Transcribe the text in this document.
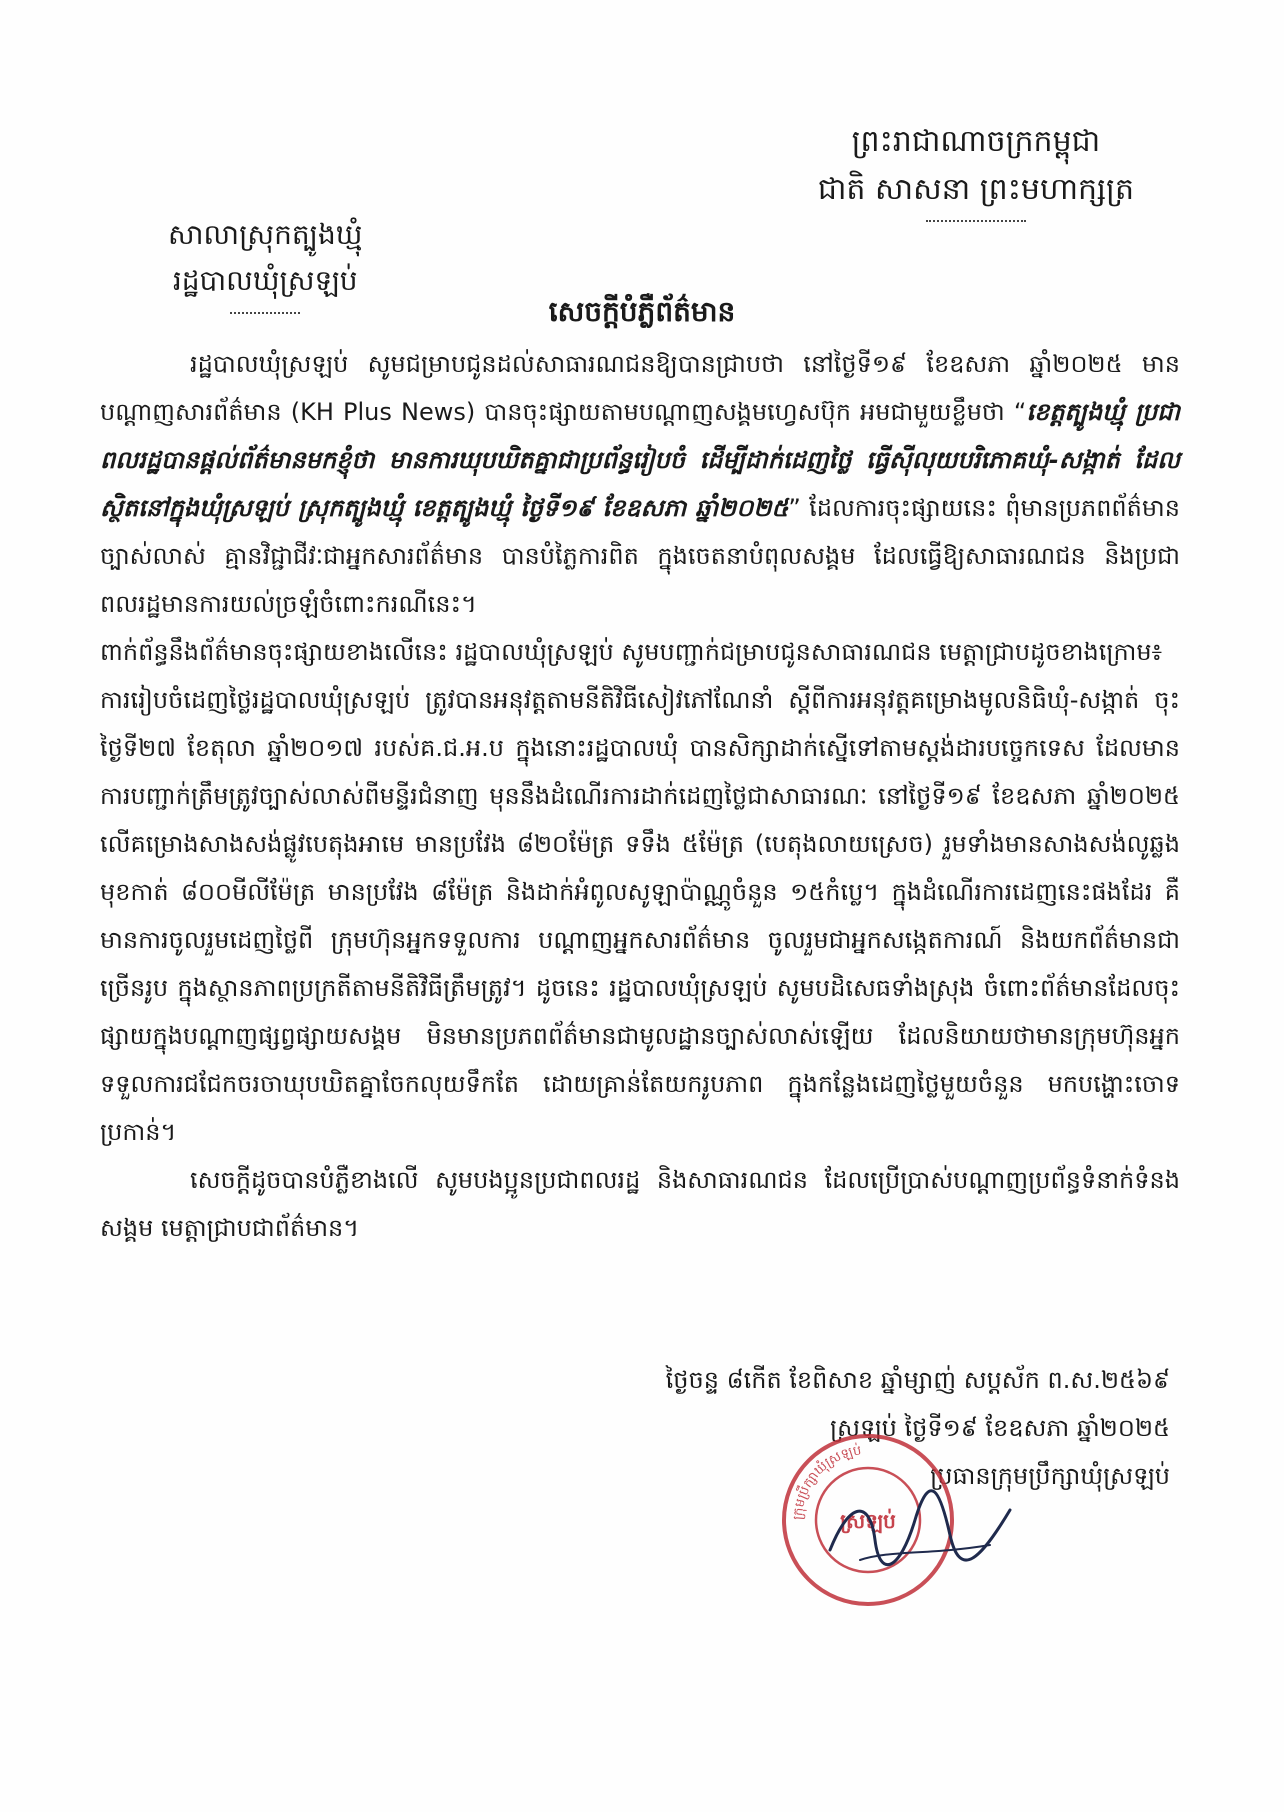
ព្រះរាជាណាចក្រកម្ពុជា
ជាតិ សាសនា ព្រះមហាក្សត្រ
សាលាស្រុកត្បូងឃ្មុំ
រដ្ឋបាលឃុំស្រឡប់
សេចក្តីបំភ្លឺព័ត៌មាន

រដ្ឋបាលឃុំស្រឡប់ សូមជម្រាបជូនដល់សាធារណជនឱ្យបានជ្រាបថា នៅថ្ងៃទី១៩ ខែឧសភា ឆ្នាំ២០២៥ មានបណ្តាញសារព័ត៌មាន (KH Plus News) បានចុះផ្សាយតាមបណ្តាញសង្គមហ្វេសប៊ុក អមជាមួយខ្លឹមថា “ខេត្តត្បូងឃ្មុំ ប្រជាពលរដ្ឋបានផ្តល់ព័ត៌មានមកខ្ញុំថា មានការឃុបឃិតគ្នាជាប្រព័ន្ធរៀបចំ ដើម្បីដាក់ដេញថ្លៃ ធ្វើស៊ីលុយបរិភោគឃុំ-សង្កាត់ ដែលស្ថិតនៅក្នុងឃុំស្រឡប់ ស្រុកត្បូងឃ្មុំ ខេត្តត្បូងឃ្មុំ ថ្ងៃទី១៩ ខែឧសភា ឆ្នាំ២០២៥” ដែលការចុះផ្សាយនេះ ពុំមានប្រភពព័ត៌មានច្បាស់លាស់ គ្មានវិជ្ជាជីវៈជាអ្នកសារព័ត៌មាន បានបំភ្លៃការពិត ក្នុងចេតនាបំពុលសង្គម ដែលធ្វើឱ្យសាធារណជន និងប្រជាពលរដ្ឋមានការយល់ច្រឡំចំពោះករណីនេះ។

ពាក់ព័ន្ធនឹងព័ត៌មានចុះផ្សាយខាងលើនេះ រដ្ឋបាលឃុំស្រឡប់ សូមបញ្ជាក់ជម្រាបជូនសាធារណជន មេត្តាជ្រាបដូចខាងក្រោម៖

ការរៀបចំដេញថ្លៃរដ្ឋបាលឃុំស្រឡប់ ត្រូវបានអនុវត្តតាមនីតិវិធីសៀវភៅណែនាំ ស្តីពីការអនុវត្តគម្រោងមូលនិធិឃុំ-សង្កាត់ ចុះថ្ងៃទី២៧ ខែតុលា ឆ្នាំ២០១៧ របស់គ.ជ.អ.ប ក្នុងនោះរដ្ឋបាលឃុំ បានសិក្សាដាក់ស្នើទៅតាមស្តង់ដារបច្ចេកទេស ដែលមានការបញ្ជាក់ត្រឹមត្រូវច្បាស់លាស់ពីមន្ទីរជំនាញ មុននឹងដំណើរការដាក់ដេញថ្លៃជាសាធារណៈ នៅថ្ងៃទី១៩ ខែឧសភា ឆ្នាំ២០២៥ លើគម្រោងសាងសង់ផ្លូវបេតុងអាមេ មានប្រវែង ៨២០ម៉ែត្រ ទទឹង ៥ម៉ែត្រ (បេតុងលាយស្រេច) រួមទាំងមានសាងសង់លូឆ្លងមុខកាត់ ៨០០មីលីម៉ែត្រ មានប្រវែង ៨ម៉ែត្រ និងដាក់អំពូលសូឡាប៉ាណ្ណូចំនួន ១៥កំប្លេ។ ក្នុងដំណើរការដេញនេះផងដែរ គឺមានការចូលរួមដេញថ្លៃពី ក្រុមហ៊ុនអ្នកទទួលការ បណ្តាញអ្នកសារព័ត៌មាន ចូលរួមជាអ្នកសង្កេតការណ៍ និងយកព័ត៌មានជាច្រើនរូប ក្នុងស្ថានភាពប្រក្រតីតាមនីតិវិធីត្រឹមត្រូវ។ ដូចនេះ រដ្ឋបាលឃុំស្រឡប់ សូមបដិសេធទាំងស្រុង ចំពោះព័ត៌មានដែលចុះផ្សាយក្នុងបណ្តាញផ្សព្វផ្សាយសង្គម មិនមានប្រភពព័ត៌មានជាមូលដ្ឋានច្បាស់លាស់ឡើយ ដែលនិយាយថាមានក្រុមហ៊ុនអ្នកទទួលការជជែកចរចាឃុបឃិតគ្នាចែកលុយទឹកតែ ដោយគ្រាន់តែយករូបភាព ក្នុងកន្លែងដេញថ្លៃមួយចំនួន មកបង្ហោះចោទប្រកាន់។

សេចក្តីដូចបានបំភ្លឺខាងលើ សូមបងប្អូនប្រជាពលរដ្ឋ និងសាធារណជន ដែលប្រើប្រាស់បណ្តាញប្រព័ន្ធទំនាក់ទំនងសង្គម មេត្តាជ្រាបជាព័ត៌មាន។

ថ្ងៃចន្ទ ៨កើត ខែពិសាខ ឆ្នាំម្សាញ់ សប្តស័ក ព.ស.២៥៦៩
ស្រឡប់ ថ្ងៃទី១៩ ខែឧសភា ឆ្នាំ២០២៥
ប្រធានក្រុមប្រឹក្សាឃុំស្រឡប់
ក្រុមប្រឹក្សាឃុំស្រឡប់
ស្រឡប់
